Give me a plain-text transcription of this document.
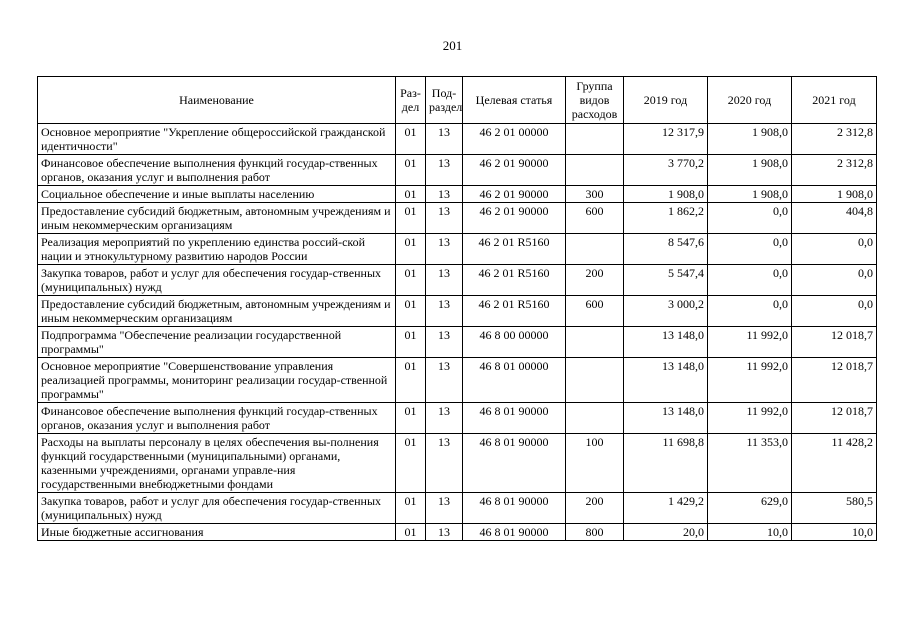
201
Наименование	Раз-дел	Под-раздел	Целевая статья	Группа видов расходов	2019 год	2020 год	2021 год
Основное мероприятие "Укрепление общероссийской гражданской идентичности"	01	13	46 2 01 00000		12 317,9	1 908,0	2 312,8
Финансовое обеспечение выполнения функций государ-ственных органов, оказания услуг и выполнения работ	01	13	46 2 01 90000		3 770,2	1 908,0	2 312,8
Социальное обеспечение и иные выплаты населению	01	13	46 2 01 90000	300	1 908,0	1 908,0	1 908,0
Предоставление субсидий бюджетным, автономным учреждениям и иным некоммерческим организациям	01	13	46 2 01 90000	600	1 862,2	0,0	404,8
Реализация мероприятий по укреплению единства россий-ской нации и этнокультурному развитию народов России	01	13	46 2 01 R5160		8 547,6	0,0	0,0
Закупка товаров, работ и услуг для обеспечения государ-ственных (муниципальных) нужд	01	13	46 2 01 R5160	200	5 547,4	0,0	0,0
Предоставление субсидий бюджетным, автономным учреждениям и иным некоммерческим организациям	01	13	46 2 01 R5160	600	3 000,2	0,0	0,0
Подпрограмма "Обеспечение реализации государственной программы"	01	13	46 8 00 00000		13 148,0	11 992,0	12 018,7
Основное мероприятие "Совершенствование управления реализацией программы, мониторинг реализации государ-ственной программы"	01	13	46 8 01 00000		13 148,0	11 992,0	12 018,7
Финансовое обеспечение выполнения функций государ-ственных органов, оказания услуг и выполнения работ	01	13	46 8 01 90000		13 148,0	11 992,0	12 018,7
Расходы на выплаты персоналу в целях обеспечения вы-полнения функций государственными (муниципальными) органами, казенными учреждениями, органами управле-ния государственными внебюджетными фондами	01	13	46 8 01 90000	100	11 698,8	11 353,0	11 428,2
Закупка товаров, работ и услуг для обеспечения государ-ственных (муниципальных) нужд	01	13	46 8 01 90000	200	1 429,2	629,0	580,5
Иные бюджетные ассигнования	01	13	46 8 01 90000	800	20,0	10,0	10,0
